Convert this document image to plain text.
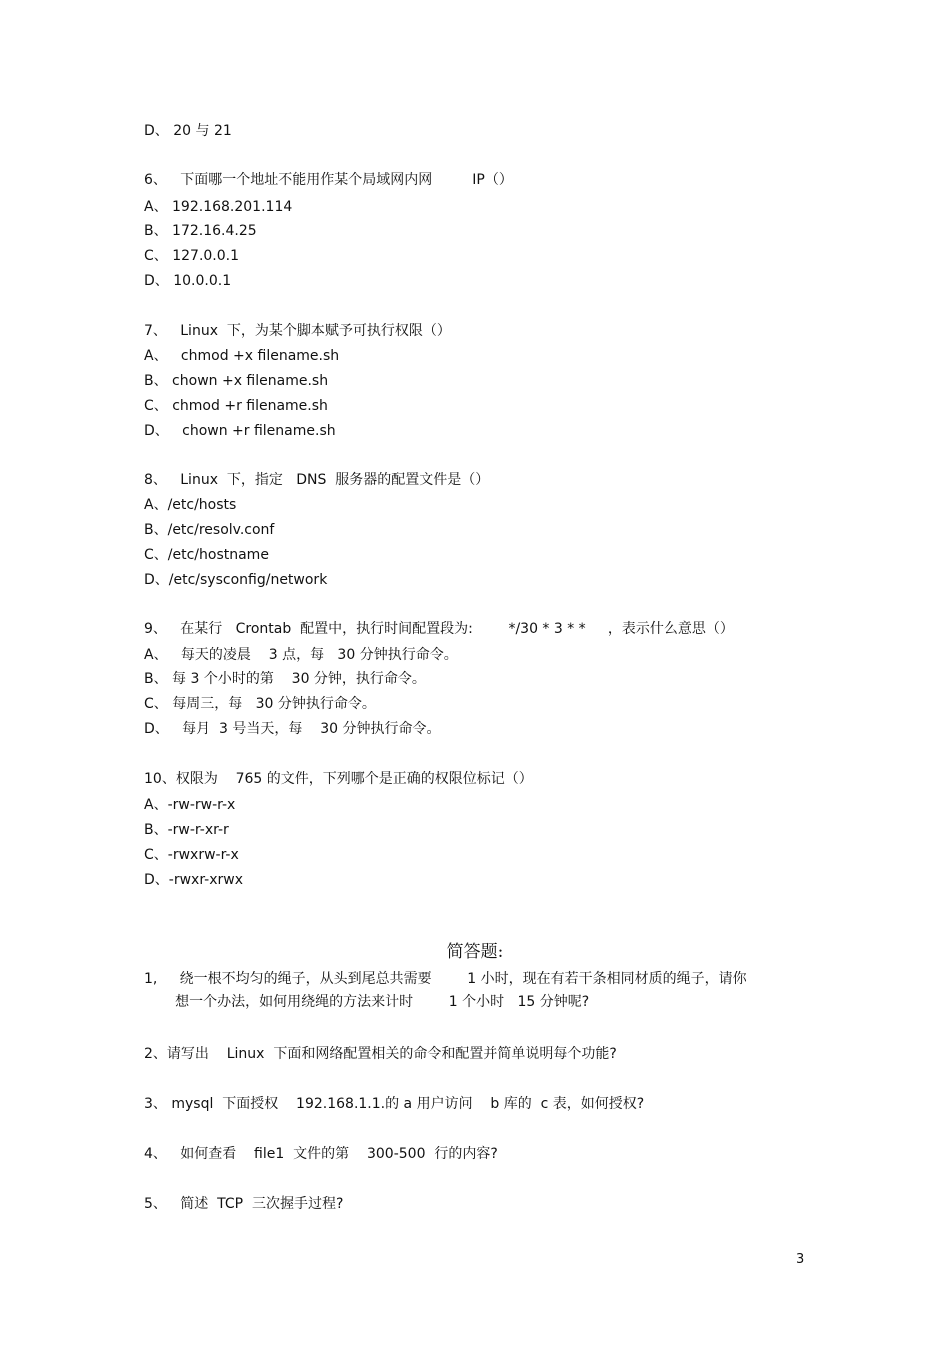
D、 20 与 21
6、   下面哪一个地址不能用作某个局域网内网         IP（）
A、 192.168.201.114
B、 172.16.4.25
C、 127.0.0.1
D、 10.0.0.1
7、   Linux  下，为某个脚本赋予可执行权限（）
A、   chmod +x filename.sh
B、 chown +x filename.sh
C、 chmod +r filename.sh
D、   chown +r filename.sh
8、   Linux  下，指定   DNS  服务器的配置文件是（）
A、/etc/hosts
B、/etc/resolv.conf
C、/etc/hostname
D、/etc/sysconfig/network
9、   在某行   Crontab  配置中，执行时间配置段为:        */30 * 3 * *     ，表示什么意思（）
A、   每天的凌晨    3 点，每   30 分钟执行命令。
B、 每 3 个小时的第    30 分钟，执行命令。
C、 每周三，每   30 分钟执行命令。
D、   每月  3 号当天，每    30 分钟执行命令。
10、权限为    765 的文件，下列哪个是正确的权限位标记（）
A、-rw-rw-r-x
B、-rw-r-xr-r
C、-rwxrw-r-x
D、-rwxr-xrwx
简答题:
1,     绕一根不均匀的绳子，从头到尾总共需要        1 小时，现在有若干条相同材质的绳子，请你
想一个办法，如何用绕绳的方法来计时        1 个小时   15 分钟呢?
2、请写出    Linux  下面和网络配置相关的命令和配置并简单说明每个功能?
3、 mysql  下面授权    192.168.1.1.的 a 用户访问    b 库的  c 表，如何授权?
4、   如何查看    file1  文件的第    300-500  行的内容?
5、   简述  TCP  三次握手过程?
3
